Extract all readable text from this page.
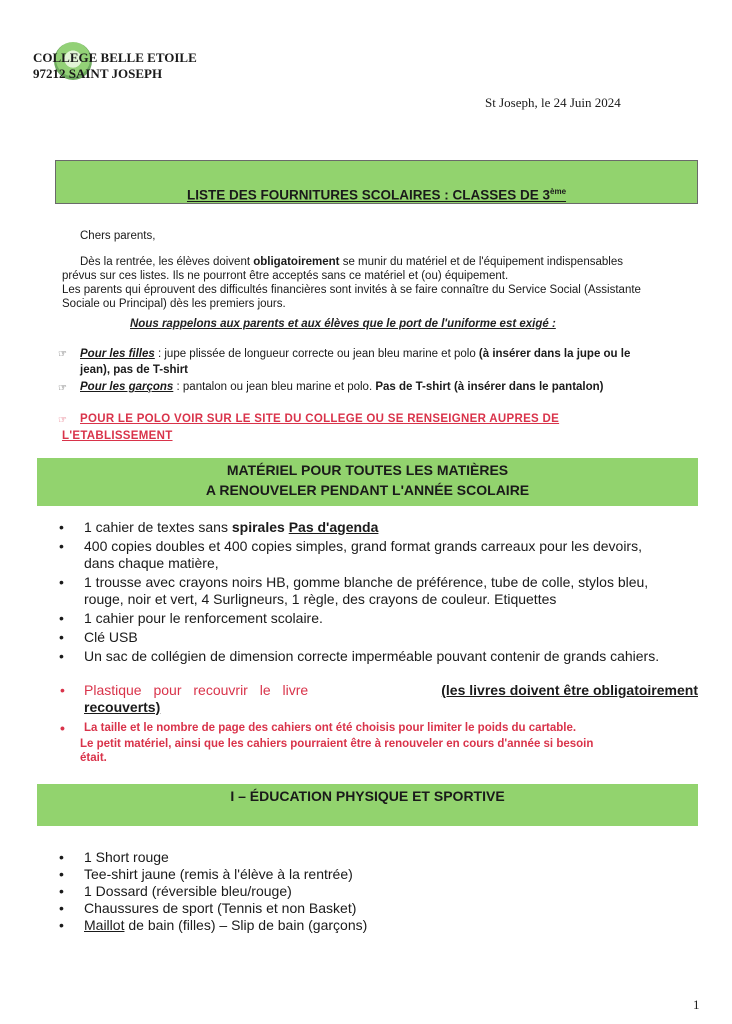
COLLEGE BELLE ETOILE
97212 SAINT JOSEPH
St Joseph, le 24 Juin 2024
LISTE DES FOURNITURES SCOLAIRES : CLASSES DE 3ème
Chers parents,
Dès la rentrée, les élèves doivent obligatoirement se munir du matériel et de l'équipement indispensables
prévus sur ces listes. Ils ne pourront être acceptés sans ce matériel et (ou) équipement.
Les parents qui éprouvent des difficultés financières sont invités à se faire connaître du Service Social (Assistante
Sociale ou Principal) dès les premiers jours.
Nous rappelons aux parents et aux élèves que le port de l'uniforme est exigé :
☞ Pour les filles : jupe plissée de longueur correcte ou jean bleu marine et polo (à insérer dans la jupe ou le
jean), pas de T-shirt
☞ Pour les garçons : pantalon ou jean bleu marine et polo. Pas de T-shirt (à insérer dans le pantalon)
☞ POUR LE POLO VOIR SUR LE SITE DU COLLEGE OU SE RENSEIGNER AUPRES DE
L'ETABLISSEMENT
MATÉRIEL POUR TOUTES LES MATIÈRES
A RENOUVELER PENDANT L'ANNÉE SCOLAIRE
• 1 cahier de textes sans spirales Pas d'agenda
• 400 copies doubles et 400 copies simples, grand format grands carreaux pour les devoirs,
dans chaque matière,
• 1 trousse avec crayons noirs HB, gomme blanche de préférence, tube de colle, stylos bleu,
rouge, noir et vert, 4 Surligneurs, 1 règle, des crayons de couleur. Etiquettes
• 1 cahier pour le renforcement scolaire.
• Clé USB
• Un sac de collégien de dimension correcte imperméable pouvant contenir de grands cahiers.
• Plastique pour recouvrir le livre	(les livres doivent être obligatoirement
recouverts)
• La taille et le nombre de page des cahiers ont été choisis pour limiter le poids du cartable.
Le petit matériel, ainsi que les cahiers pourraient être à renouveler en cours d'année si besoin
était.
I – ÉDUCATION PHYSIQUE ET SPORTIVE
• 1 Short rouge
• Tee-shirt jaune (remis à l'élève à la rentrée)
• 1 Dossard (réversible bleu/rouge)
• Chaussures de sport (Tennis et non Basket)
• Maillot de bain (filles) – Slip de bain (garçons)
1
